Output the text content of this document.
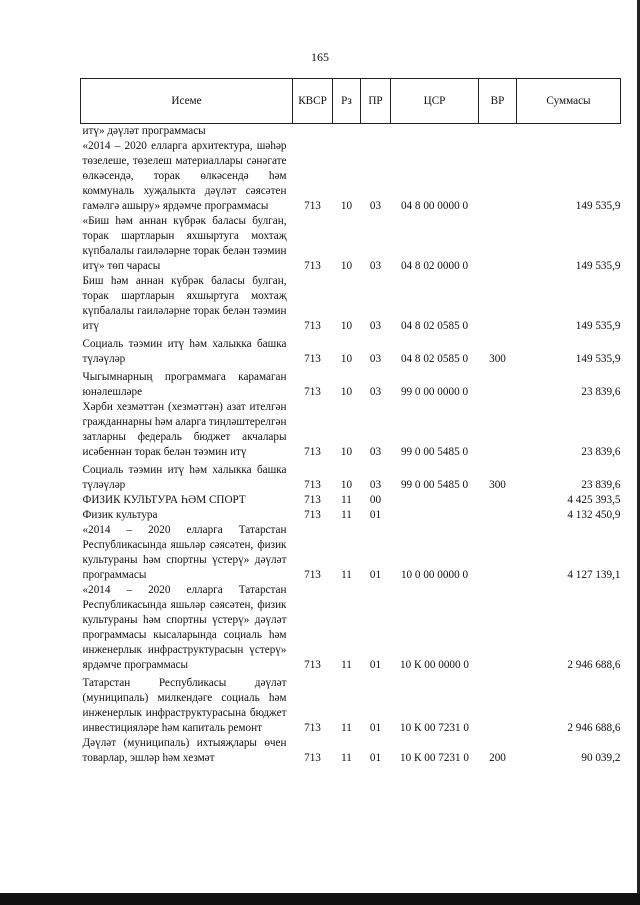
165
Исеме	КВСР	Рз	ПР	ЦСР	ВР	Суммасы
итү» дәүләт программасы						
«2014 – 2020 елларга архитектура, шәһәр төзелеше, төзелеш материаллары сәнәгате өлкәсендә, торак өлкәсендә һәм коммуналь хуҗалыкта дәүләт сәясәтен гамәлгә ашыру» ярдәмче программасы	713	10	03	04 8 00 0000 0		149 535,9
«Биш һәм аннан күбрәк баласы булган, торак шартларын яхшыртуга мохтаҗ күпбалалы гаиләләрне торак белән тәэмин итү» төп чарасы	713	10	03	04 8 02 0000 0		149 535,9
Биш һәм аннан күбрәк баласы булган, торак шартларын яхшыртуга мохтаҗ күпбалалы гаиләләрне торак белән тәэмин итү	713	10	03	04 8 02 0585 0		149 535,9
Социаль тәэмин итү һәм халыкка башка түләүләр	713	10	03	04 8 02 0585 0	300	149 535,9
Чыгымнарның программага карамаган юнәлешләре	713	10	03	99 0 00 0000 0		23 839,6
Хәрби хезмәттән (хезмәттән) азат ителгән гражданнарны һәм аларга тиңләштерелгән затларны федераль бюджет акчалары исәбеннән торак белән тәэмин итү	713	10	03	99 0 00 5485 0		23 839,6
Социаль тәэмин итү һәм халыкка башка түләүләр	713	10	03	99 0 00 5485 0	300	23 839,6
ФИЗИК КУЛЬТУРА ҺӘМ СПОРТ	713	11	00			4 425 393,5
Физик культура	713	11	01			4 132 450,9
«2014 – 2020 елларга Татарстан Республикасында яшьләр сәясәтен, физик культураны һәм спортны үстерү» дәүләт программасы	713	11	01	10 0 00 0000 0		4 127 139,1
«2014 – 2020 елларга Татарстан Республикасында яшьләр сәясәтен, физик культураны һәм спортны үстерү» дәүләт программасы кысаларында социаль һәм инженерлык инфраструктурасын үстерү» ярдәмче программасы	713	11	01	10 К 00 0000 0		2 946 688,6
Татарстан Республикасы дәүләт (муниципаль) милкендәге социаль һәм инженерлык инфраструктурасына бюджет инвестицияләре һәм капиталь ремонт	713	11	01	10 К 00 7231 0		2 946 688,6
Дәүләт (муниципаль) ихтыяҗлары өчен товарлар, эшләр һәм хезмәт	713	11	01	10 К 00 7231 0	200	90 039,2
